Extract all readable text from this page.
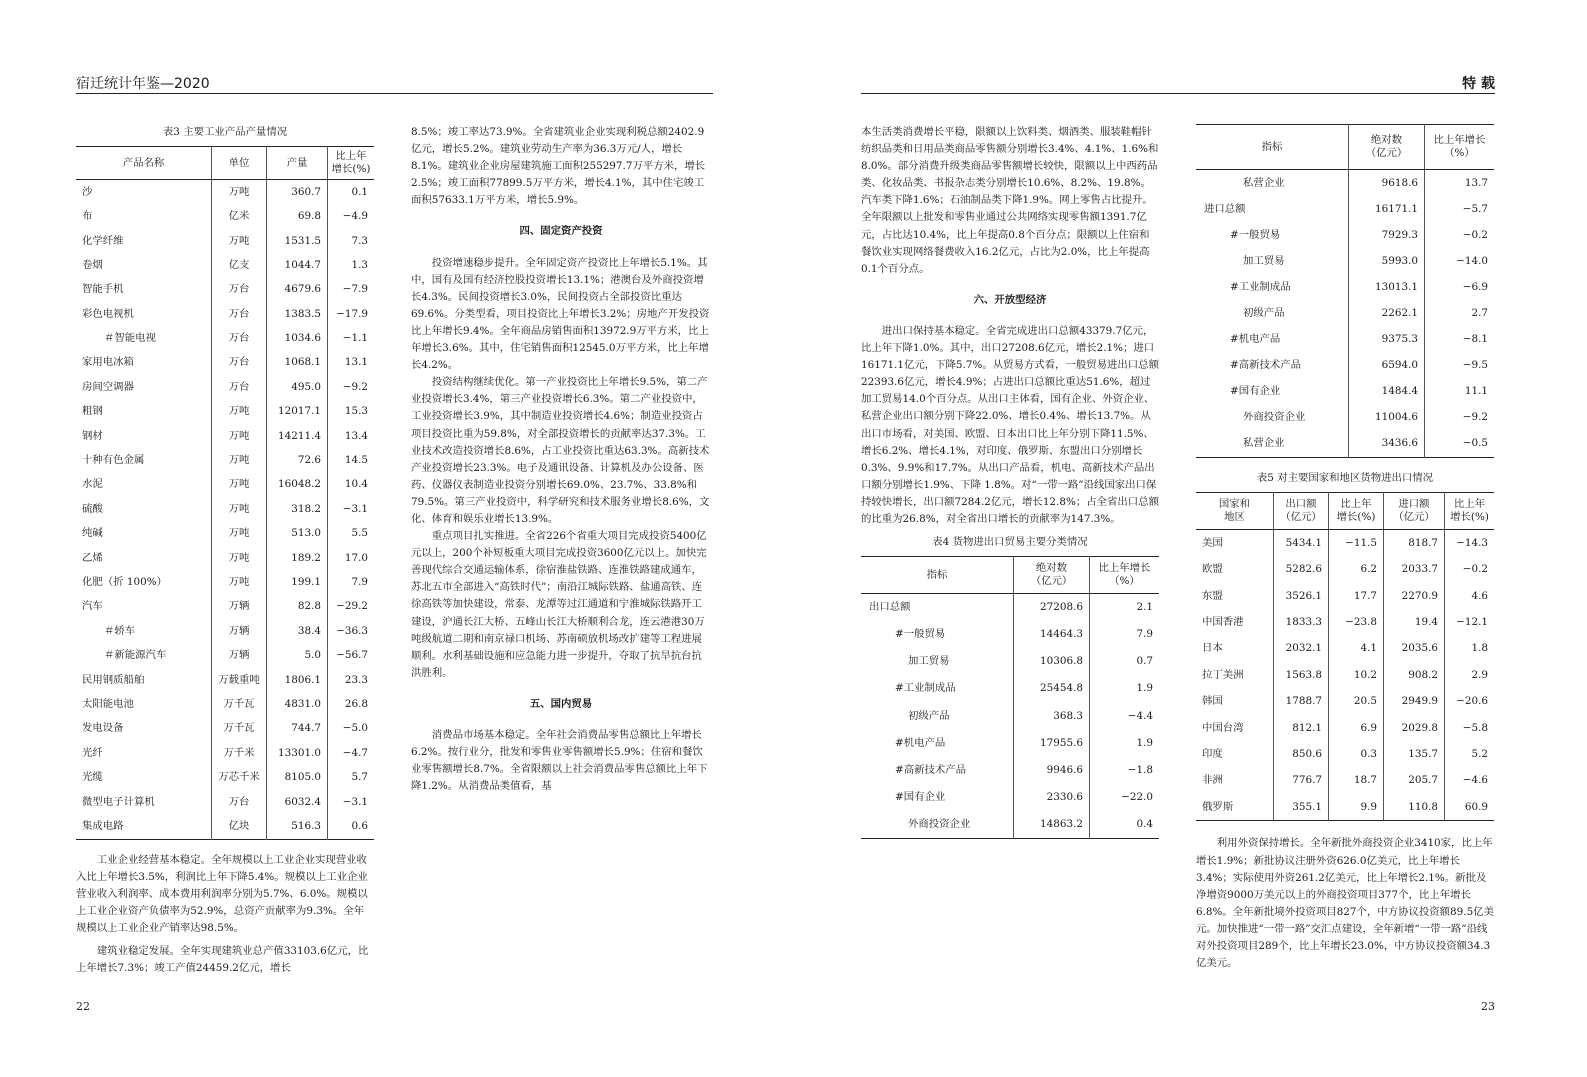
宿迁统计年鉴—2020	特 载
表3 主要工业产品产量情况
产品名称	单位	产量	比上年
增长(%)
沙	万吨	360.7	0.1
布	亿米	69.8	−4.9
化学纤维	万吨	1531.5	7.3
卷烟	亿支	1044.7	1.3
智能手机	万台	4679.6	−7.9
彩色电视机	万台	1383.5	−17.9
＃智能电视	万台	1034.6	−1.1
家用电冰箱	万台	1068.1	13.1
房间空调器	万台	495.0	−9.2
粗钢	万吨	12017.1	15.3
钢材	万吨	14211.4	13.4
十种有色金属	万吨	72.6	14.5
水泥	万吨	16048.2	10.4
硫酸	万吨	318.2	−3.1
纯碱	万吨	513.0	5.5
乙烯	万吨	189.2	17.0
化肥（折 100%）	万吨	199.1	7.9
汽车	万辆	82.8	−29.2
＃轿车	万辆	38.4	−36.3
＃新能源汽车	万辆	5.0	−56.7
民用钢质船舶	万载重吨	1806.1	23.3
太阳能电池	万千瓦	4831.0	26.8
发电设备	万千瓦	744.7	−5.0
光纤	万千米	13301.0	−4.7
光缆	万芯千米	8105.0	5.7
微型电子计算机	万台	6032.4	−3.1
集成电路	亿块	516.3	0.6

工业企业经营基本稳定。全年规模以上工业企业实现营业收入比上年增长3.5%，利润比上年下降5.4%。规模以上工业企业营业收入利润率、成本费用利润率分别为5.7%、6.0%。规模以上工业企业资产负债率为52.9%，总资产贡献率为9.3%。全年规模以上工业企业产销率达98.5%。

建筑业稳定发展。全年实现建筑业总产值33103.6亿元，比上年增长7.3%；竣工产值24459.2亿元，增长

22

8.5%；竣工率达73.9%。全省建筑业企业实现利税总额2402.9亿元，增长5.2%。建筑业劳动生产率为36.3万元/人，增长8.1%。建筑业企业房屋建筑施工面积255297.7万平方米，增长2.5%；竣工面积77899.5万平方米，增长4.1%，其中住宅竣工面积57633.1万平方米，增长5.9%。

四、固定资产投资

投资增速稳步提升。全年固定资产投资比上年增长5.1%。其中，国有及国有经济控股投资增长13.1%；港澳台及外商投资增长4.3%。民间投资增长3.0%，民间投资占全部投资比重达69.6%。分类型看，项目投资比上年增长3.2%；房地产开发投资比上年增长9.4%。全年商品房销售面积13972.9万平方米，比上年增长3.6%。其中，住宅销售面积12545.0万平方米，比上年增长4.2%。

投资结构继续优化。第一产业投资比上年增长9.5%，第二产业投资增长3.4%，第三产业投资增长6.3%。第二产业投资中，工业投资增长3.9%，其中制造业投资增长4.6%；制造业投资占项目投资比重为59.8%，对全部投资增长的贡献率达37.3%。工业技术改造投资增长8.6%，占工业投资比重达63.3%。高新技术产业投资增长23.3%。电子及通讯设备、计算机及办公设备、医药、仪器仪表制造业投资分别增长69.0%、23.7%、33.8%和79.5%。第三产业投资中，科学研究和技术服务业增长8.6%，文化、体育和娱乐业增长13.9%。

重点项目扎实推进。全省226个省重大项目完成投资5400亿元以上，200个补短板重大项目完成投资3600亿元以上。加快完善现代综合交通运输体系，徐宿淮盐铁路、连淮铁路建成通车，苏北五市全部进入“高铁时代”；南沿江城际铁路、盐通高铁、连徐高铁等加快建设，常泰、龙潭等过江通道和宁淮城际铁路开工建设，沪通长江大桥、五峰山长江大桥顺利合龙，连云港港30万吨级航道二期和南京禄口机场、苏南硕放机场改扩建等工程进展顺利。水利基础设施和应急能力进一步提升，夺取了抗旱抗台抗洪胜利。

五、国内贸易

消费品市场基本稳定。全年社会消费品零售总额比上年增长6.2%。按行业分，批发和零售业零售额增长5.9%；住宿和餐饮业零售额增长8.7%。全省限额以上社会消费品零售总额比上年下降1.2%。从消费品类值看，基

本生活类消费增长平稳，限额以上饮料类、烟酒类、服装鞋帽针纺织品类和日用品类商品零售额分别增长3.4%、4.1%、1.6%和8.0%。部分消费升级类商品零售额增长较快，限额以上中西药品类、化妆品类、书报杂志类分别增长10.6%、8.2%、19.8%。汽车类下降1.6%；石油制品类下降1.9%。网上零售占比提升。全年限额以上批发和零售业通过公共网络实现零售额1391.7亿元，占比达10.4%，比上年提高0.8个百分点；限额以上住宿和餐饮业实现网络餐费收入16.2亿元，占比为2.0%，比上年提高0.1个百分点。

六、开放型经济

进出口保持基本稳定。全省完成进出口总额43379.7亿元，比上年下降1.0%。其中，出口27208.6亿元，增长2.1%；进口16171.1亿元，下降5.7%。从贸易方式看，一般贸易进出口总额22393.6亿元，增长4.9%；占进出口总额比重达51.6%，超过加工贸易14.0个百分点。从出口主体看，国有企业、外资企业、私营企业出口额分别下降22.0%、增长0.4%、增长13.7%。从出口市场看，对美国、欧盟、日本出口比上年分别下降11.5%、增长6.2%、增长4.1%，对印度、俄罗斯、东盟出口分别增长0.3%、9.9%和17.7%。从出口产品看，机电、高新技术产品出口额分别增长1.9%、下降 1.8%。对“一带一路”沿线国家出口保持较快增长，出口额7284.2亿元，增长12.8%；占全省出口总额的比重为26.8%，对全省出口增长的贡献率为147.3%。

表4 货物进出口贸易主要分类情况
指标	绝对数
（亿元）	比上年增长
（%）
出口总额	27208.6	2.1
#一般贸易	14464.3	7.9
加工贸易	10306.8	0.7
#工业制成品	25454.8	1.9
初级产品	368.3	−4.4
#机电产品	17955.6	1.9
#高新技术产品	9946.6	−1.8
#国有企业	2330.6	−22.0
外商投资企业	14863.2	0.4
指标	绝对数
（亿元）	比上年增长
（%）
私营企业	9618.6	13.7
进口总额	16171.1	−5.7
#一般贸易	7929.3	−0.2
加工贸易	5993.0	−14.0
#工业制成品	13013.1	−6.9
初级产品	2262.1	2.7
#机电产品	9375.3	−8.1
#高新技术产品	6594.0	−9.5
#国有企业	1484.4	11.1
外商投资企业	11004.6	−9.2
私营企业	3436.6	−0.5
表5 对主要国家和地区货物进出口情况
国家和
地区	出口额
（亿元）	比上年
增长(%)	进口额
（亿元）	比上年
增长(%)
美国	5434.1	−11.5	818.7	−14.3
欧盟	5282.6	6.2	2033.7	−0.2
东盟	3526.1	17.7	2270.9	4.6
中国香港	1833.3	−23.8	19.4	−12.1
日本	2032.1	4.1	2035.6	1.8
拉丁美洲	1563.8	10.2	908.2	2.9
韩国	1788.7	20.5	2949.9	−20.6
中国台湾	812.1	6.9	2029.8	−5.8
印度	850.6	0.3	135.7	5.2
非洲	776.7	18.7	205.7	−4.6
俄罗斯	355.1	9.9	110.8	60.9

利用外资保持增长。全年新批外商投资企业3410家，比上年增长1.9%；新批协议注册外资626.0亿美元，比上年增长3.4%；实际使用外资261.2亿美元，比上年增长2.1%。新批及净增资9000万美元以上的外商投资项目377个，比上年增长6.8%。全年新批境外投资项目827个，中方协议投资额89.5亿美元。加快推进“一带一路”交汇点建设，全年新增“一带一路”沿线对外投资项目289个，比上年增长23.0%，中方协议投资额34.3亿美元。

23
